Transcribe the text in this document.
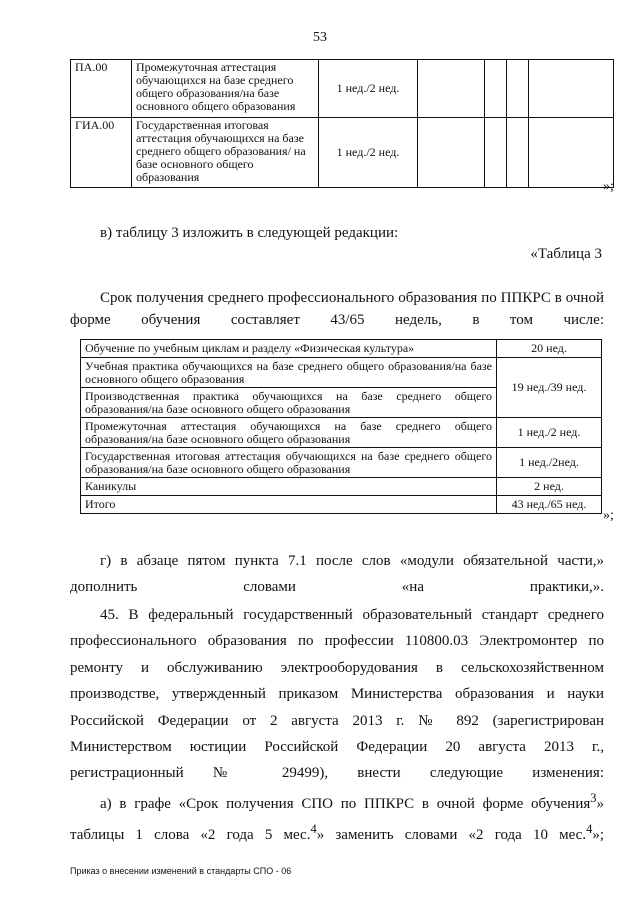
53
ПА.00	Промежуточная аттестация обучающихся на базе среднего общего образования/на базе основного общего образования	1 нед./2 нед.				
ГИА.00	Государственная итоговая аттестация обучающихся на базе среднего общего образования/ на базе основного общего образования	1 нед./2 нед.				
»;
в) таблицу 3 изложить в следующей редакции:
«Таблица 3
Срок получения среднего профессионального образования по ППКРС в очной форме обучения составляет 43/65 недель, в том числе:
Обучение по учебным циклам и разделу «Физическая культура»	20 нед.
Учебная практика обучающихся на базе среднего общего образования/на базе основного общего образования	19 нед./39 нед.
Производственная практика обучающихся на базе среднего общего образования/на базе основного общего образования	
Промежуточная аттестация обучающихся на базе среднего общего образования/на базе основного общего образования	1 нед./2 нед.
Государственная итоговая аттестация обучающихся на базе среднего общего образования/на базе основного общего образования	1 нед./2нед.
Каникулы	2 нед.
Итого	43 нед./65 нед.
»;
г) в абзаце пятом пункта 7.1 после слов «модули обязательной части,» дополнить словами «на практики,».
45. В федеральный государственный образовательный стандарт среднего профессионального образования по профессии 110800.03 Электромонтер по ремонту и обслуживанию электрооборудования в сельскохозяйственном производстве, утвержденный приказом Министерства образования и науки Российской Федерации от 2 августа 2013 г. № 892 (зарегистрирован Министерством юстиции Российской Федерации 20 августа 2013 г., регистрационный № 29499), внести следующие изменения:
а) в графе «Срок получения СПО по ППКРС в очной форме обучения$^3$» таблицы 1 слова «2 года 5 мес.$^4$» заменить словами «2 года 10 мес.$^4$»;
Приказ о внесении изменений в стандарты СПО - 06
